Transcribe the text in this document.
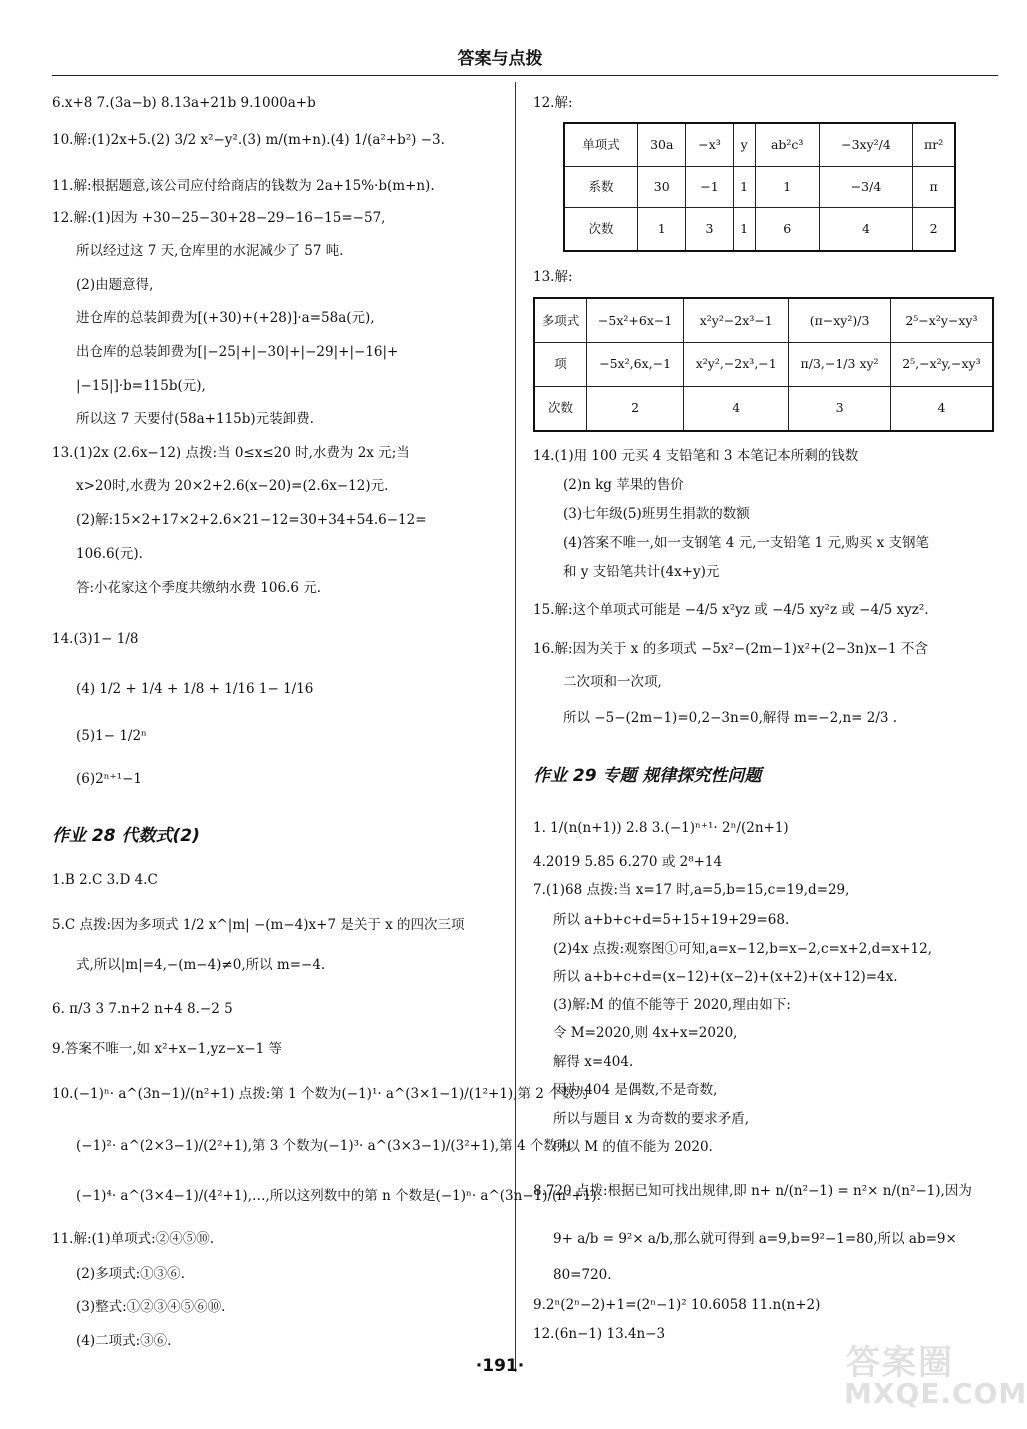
答案与点拨
6.x+8 7.(3a−b) 8.13a+21b 9.1000a+b
10.解:(1)2x+5.(2) 3/2 x²−y².(3) m/(m+n).(4) 1/(a²+b²) −3.
11.解:根据题意,该公司应付给商店的钱数为 2a+15%·b(m+n).
12.解:(1)因为 +30−25−30+28−29−16−15=−57,
所以经过这 7 天,仓库里的水泥减少了 57 吨.
(2)由题意得,
进仓库的总装卸费为[(+30)+(+28)]·a=58a(元),
出仓库的总装卸费为[|−25|+|−30|+|−29|+|−16|+
|−15|]·b=115b(元),
所以这 7 天要付(58a+115b)元装卸费.
13.(1)2x (2.6x−12) 点拨:当 0≤x≤20 时,水费为 2x 元;当
x>20时,水费为 20×2+2.6(x−20)=(2.6x−12)元.
(2)解:15×2+17×2+2.6×21−12=30+34+54.6−12=
106.6(元).
答:小花家这个季度共缴纳水费 106.6 元.
14.(3)1− 1/8
(4) 1/2 + 1/4 + 1/8 + 1/16 1− 1/16
(5)1− 1/2ⁿ
(6)2ⁿ⁺¹−1
作业 28 代数式(2)
1.B 2.C 3.D 4.C
5.C 点拨:因为多项式 1/2 x^|m| −(m−4)x+7 是关于 x 的四次三项
式,所以|m|=4,−(m−4)≠0,所以 m=−4.
6. π/3 3 7.n+2 n+4 8.−2 5
9.答案不唯一,如 x²+x−1,yz−x−1 等
10.(−1)ⁿ· a^(3n−1)/(n²+1) 点拨:第 1 个数为(−1)¹· a^(3×1−1)/(1²+1),第 2 个数为
(−1)²· a^(2×3−1)/(2²+1),第 3 个数为(−1)³· a^(3×3−1)/(3²+1),第 4 个数为
(−1)⁴· a^(3×4−1)/(4²+1),…,所以这列数中的第 n 个数是(−1)ⁿ· a^(3n−1)/(n²+1).
11.解:(1)单项式:②④⑤⑩.
(2)多项式:①③⑥.
(3)整式:①②③④⑤⑥⑩.
(4)二项式:③⑥.
12.解:
单项式	30a	−x³	y	ab²c³	−3xy²/4	πr²
系数	30	−1	1	1	−3/4	π
次数	1	3	1	6	4	2
13.解:
多项式	−5x²+6x−1	x²y²−2x³−1	(π−xy²)/3	2⁵−x²y−xy³
项	−5x²,6x,−1	x²y²,−2x³,−1	π/3,−1/3 xy²	2⁵,−x²y,−xy³
次数	2	4	3	4
14.(1)用 100 元买 4 支铅笔和 3 本笔记本所剩的钱数
(2)n kg 苹果的售价
(3)七年级(5)班男生捐款的数额
(4)答案不唯一,如一支钢笔 4 元,一支铅笔 1 元,购买 x 支钢笔
和 y 支铅笔共计(4x+y)元
15.解:这个单项式可能是 −4/5 x²yz 或 −4/5 xy²z 或 −4/5 xyz².
16.解:因为关于 x 的多项式 −5x²−(2m−1)x²+(2−3n)x−1 不含
二次项和一次项,
所以 −5−(2m−1)=0,2−3n=0,解得 m=−2,n= 2/3 .
作业 29 专题 规律探究性问题
1. 1/(n(n+1)) 2.8 3.(−1)ⁿ⁺¹· 2ⁿ/(2n+1)
4.2019 5.85 6.270 或 2⁸+14
7.(1)68 点拨:当 x=17 时,a=5,b=15,c=19,d=29,
所以 a+b+c+d=5+15+19+29=68.
(2)4x 点拨:观察图①可知,a=x−12,b=x−2,c=x+2,d=x+12,
所以 a+b+c+d=(x−12)+(x−2)+(x+2)+(x+12)=4x.
(3)解:M 的值不能等于 2020,理由如下:
令 M=2020,则 4x+x=2020,
解得 x=404.
因为 404 是偶数,不是奇数,
所以与题目 x 为奇数的要求矛盾,
所以 M 的值不能为 2020.
8.720 点拨:根据已知可找出规律,即 n+ n/(n²−1) = n²× n/(n²−1),因为
9+ a/b = 9²× a/b,那么就可得到 a=9,b=9²−1=80,所以 ab=9×
80=720.
9.2ⁿ(2ⁿ−2)+1=(2ⁿ−1)² 10.6058 11.n(n+2)
12.(6n−1) 13.4n−3
·191·	答案圈
MXQE.COM
